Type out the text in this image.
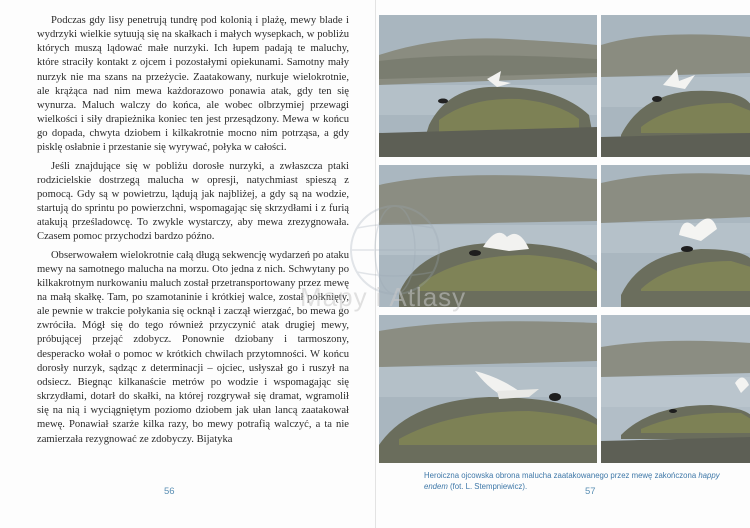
Podczas gdy lisy penetrują tundrę pod kolonią i plażę, mewy blade i wydrzyki wielkie sytuują się na skałkach i małych wysepkach, w pobliżu których muszą lądować małe nurzyki. Ich łupem padają te maluchy, które straciły kontakt z ojcem i pozostałymi opiekunami. Samotny mały nurzyk nie ma szans na przeżycie. Zaatakowany, nurkuje wielokrotnie, ale krążąca nad nim mewa każdorazowo ponawia atak, gdy ten się wynurza. Maluch walczy do końca, ale wobec olbrzymiej przewagi wielkości i siły drapieżnika koniec ten jest przesądzony. Mewa w końcu go dopada, chwyta dziobem i kilkakrotnie mocno nim potrząsa, a gdy pisklę osłabnie i przestanie się wyrywać, połyka w całości.

Jeśli znajdujące się w pobliżu dorosłe nurzyki, a zwłaszcza ptaki rodzicielskie dostrzegą malucha w opresji, natychmiast spieszą z pomocą. Gdy są w powietrzu, lądują jak najbliżej, a gdy są na wodzie, startują do sprintu po powierzchni, wspomagając się skrzydłami i z furią atakują prześladowcę. To zwykle wystarczy, aby mewa zrezygnowała. Czasem pomoc przychodzi bardzo późno.

Obserwowałem wielokrotnie całą długą sekwencję wydarzeń po ataku mewy na samotnego malucha na morzu. Oto jedna z nich. Schwytany po kilkakrotnym nurkowaniu maluch został przetransportowany przez mewę na małą skałkę. Tam, po szamotaninie i krótkiej walce, został połknięty, ale pewnie w trakcie połykania się ocknął i zaczął wierzgać, bo mewa go zwróciła. Mógł się do tego również przyczynić atak drugiej mewy, próbującej przejąć zdobycz. Ponownie dziobany i tarmoszony, desperacko wołał o pomoc w krótkich chwilach przytomności. W końcu dorosły nurzyk, sądząc z determinacji – ojciec, usłyszał go i ruszył na odsiecz. Biegnąc kilkanaście metrów po wodzie i wspomagając się skrzydłami, dotarł do skałki, na której rozgrywał się dramat, wgramolił się na nią i wyciągniętym poziomo dziobem jak ułan lancą zaatakował mewę. Ponawiał szarże kilka razy, bo mewy potrafią walczyć, a ta nie zamierzała rezygnować ze zdobyczy. Bijatyka

56
Heroiczna ojcowska obrona malucha zaatakowanego przez mewę zakończona happy endem (fot. L. Stempniewicz).	57
Mapy i Atlasy
